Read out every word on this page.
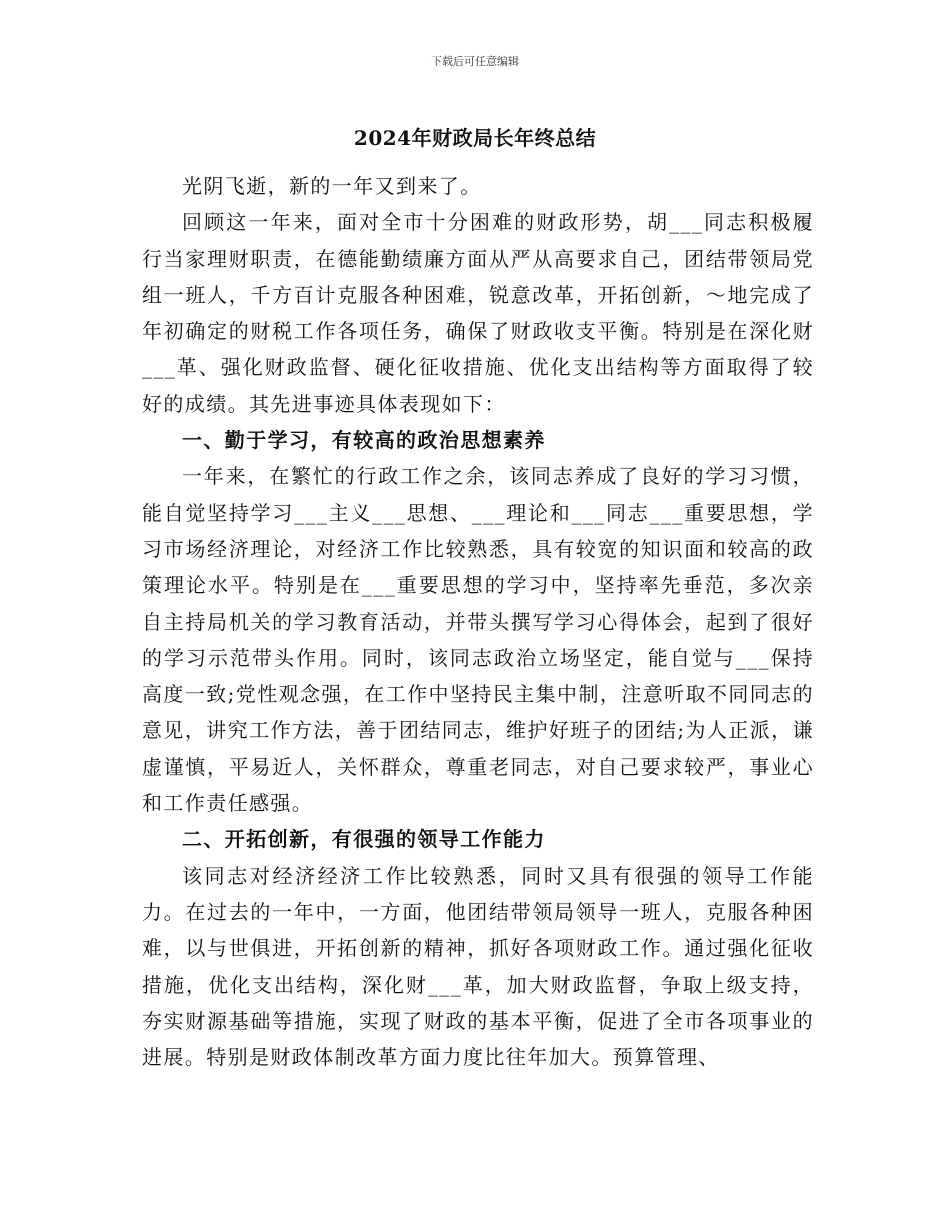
下载后可任意编辑
2024年财政局长年终总结

光阴飞逝，新的一年又到来了。

回顾这一年来，面对全市十分困难的财政形势，胡___同志积极履行当家理财职责，在德能勤绩廉方面从严从高要求自己，团结带领局党组一班人，千方百计克服各种困难，锐意改革，开拓创新，～地完成了年初确定的财税工作各项任务，确保了财政收支平衡。特别是在深化财___革、强化财政监督、硬化征收措施、优化支出结构等方面取得了较好的成绩。其先进事迹具体表现如下：

一、勤于学习，有较高的政治思想素养

一年来，在繁忙的行政工作之余，该同志养成了良好的学习习惯，能自觉坚持学习___主义___思想、___理论和___同志___重要思想，学习市场经济理论，对经济工作比较熟悉，具有较宽的知识面和较高的政策理论水平。特别是在___重要思想的学习中，坚持率先垂范，多次亲自主持局机关的学习教育活动，并带头撰写学习心得体会，起到了很好的学习示范带头作用。同时，该同志政治立场坚定，能自觉与___保持高度一致;党性观念强，在工作中坚持民主集中制，注意听取不同同志的意见，讲究工作方法，善于团结同志，维护好班子的团结;为人正派，谦虚谨慎，平易近人，关怀群众，尊重老同志，对自己要求较严，事业心和工作责任感强。

二、开拓创新，有很强的领导工作能力

该同志对经济经济工作比较熟悉，同时又具有很强的领导工作能力。在过去的一年中，一方面，他团结带领局领导一班人，克服各种困难，以与世俱进，开拓创新的精神，抓好各项财政工作。通过强化征收措施，优化支出结构，深化财___革，加大财政监督，争取上级支持，夯实财源基础等措施，实现了财政的基本平衡，促进了全市各项事业的进展。特别是财政体制改革方面力度比往年加大。预算管理、
